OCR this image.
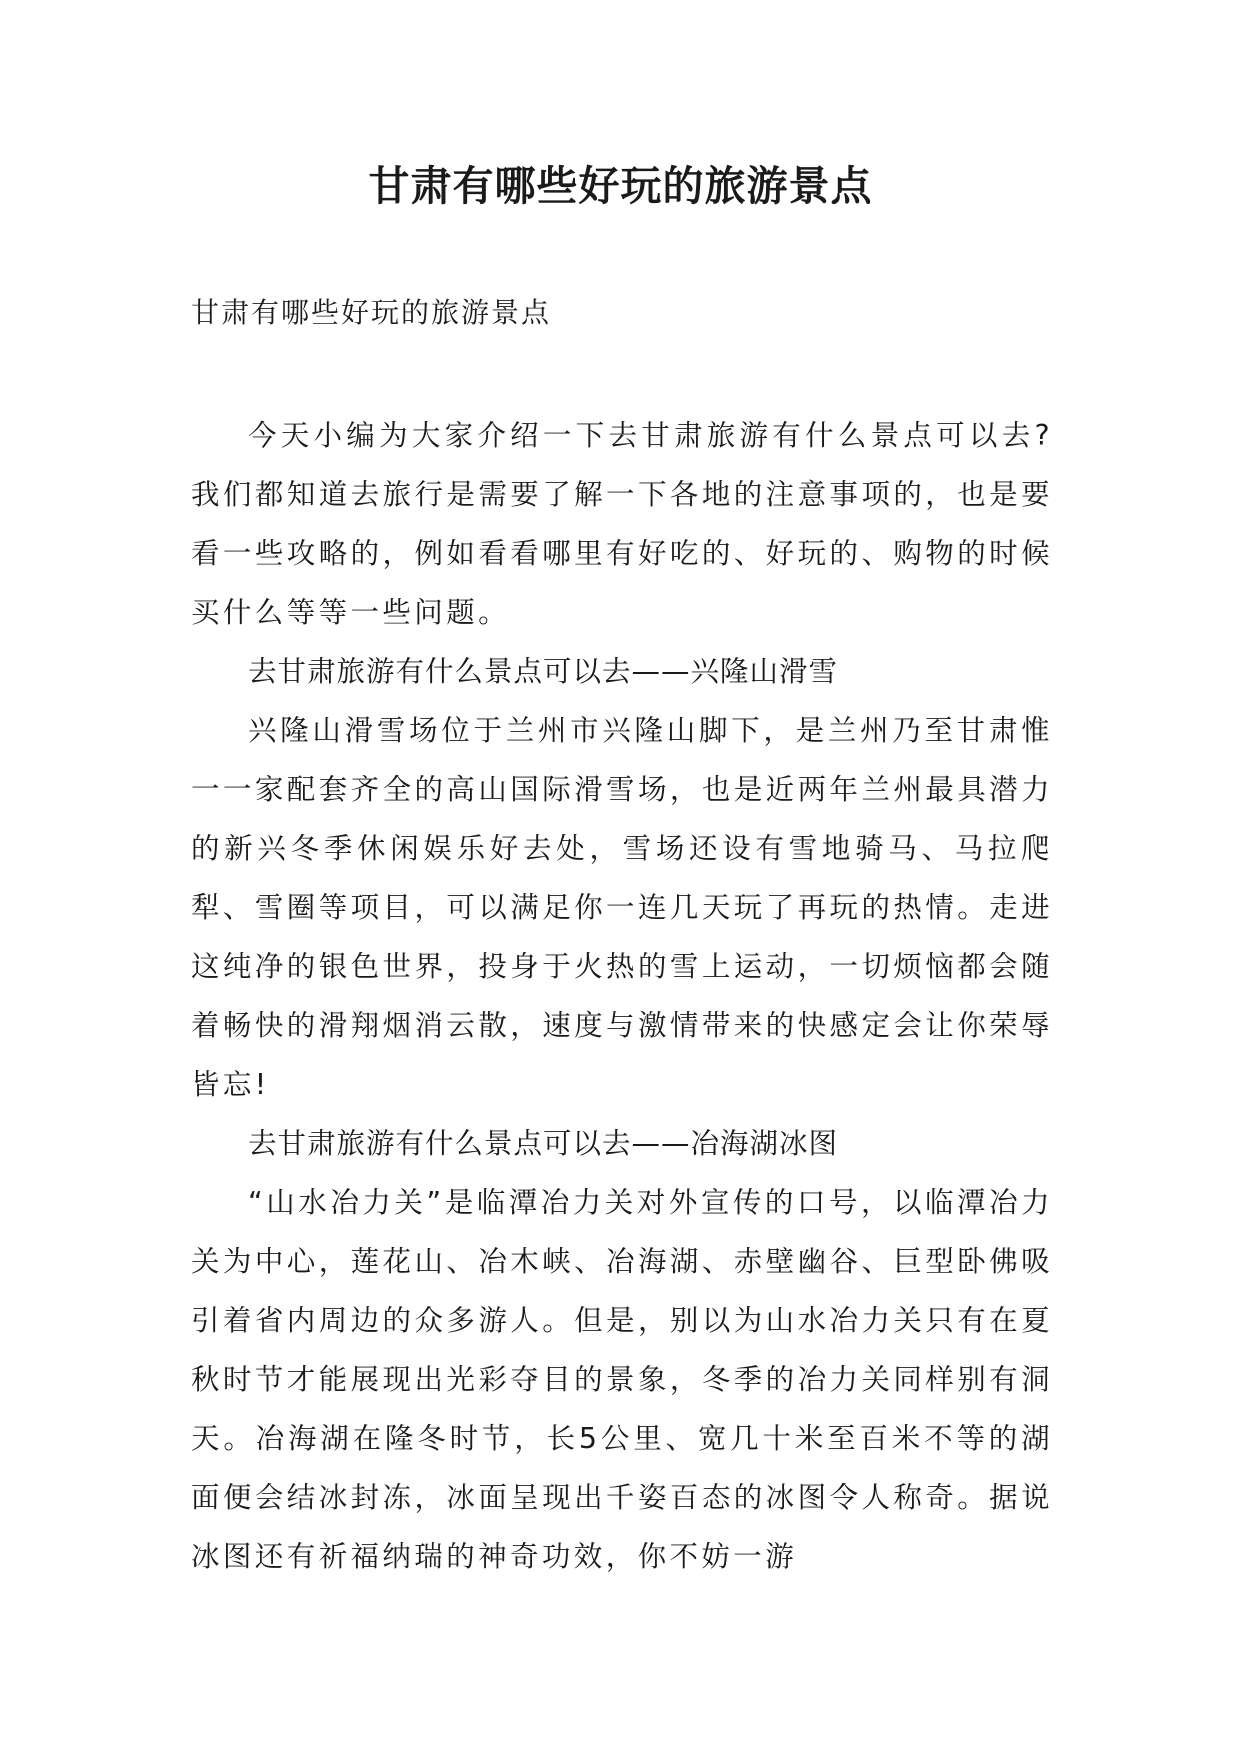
甘肃有哪些好玩的旅游景点
甘肃有哪些好玩的旅游景点

今天小编为大家介绍一下去甘肃旅游有什么景点可以去?我们都知道去旅行是需要了解一下各地的注意事项的，也是要看一些攻略的，例如看看哪里有好吃的、好玩的、购物的时候买什么等等一些问题。

去甘肃旅游有什么景点可以去——兴隆山滑雪

兴隆山滑雪场位于兰州市兴隆山脚下，是兰州乃至甘肃惟一一家配套齐全的高山国际滑雪场，也是近两年兰州最具潜力的新兴冬季休闲娱乐好去处，雪场还设有雪地骑马、马拉爬犁、雪圈等项目，可以满足你一连几天玩了再玩的热情。走进这纯净的银色世界，投身于火热的雪上运动，一切烦恼都会随着畅快的滑翔烟消云散，速度与激情带来的快感定会让你荣辱皆忘!

去甘肃旅游有什么景点可以去——冶海湖冰图

“山水冶力关”是临潭冶力关对外宣传的口号，以临潭冶力关为中心，莲花山、冶木峡、冶海湖、赤壁幽谷、巨型卧佛吸引着省内周边的众多游人。但是，别以为山水冶力关只有在夏秋时节才能展现出光彩夺目的景象，冬季的冶力关同样别有洞天。冶海湖在隆冬时节，长5公里、宽几十米至百米不等的湖面便会结冰封冻，冰面呈现出千姿百态的冰图令人称奇。据说冰图还有祈福纳瑞的神奇功效，你不妨一游
